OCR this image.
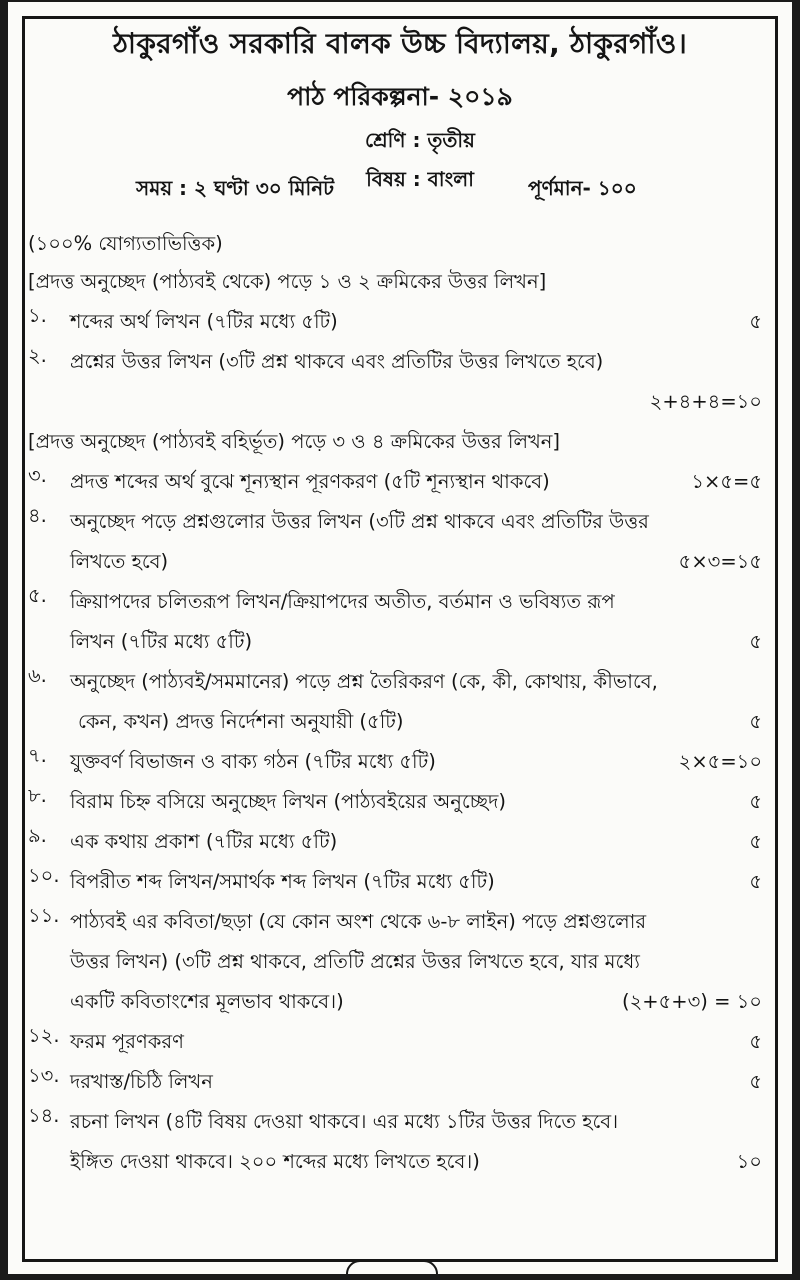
ঠাকুরগাঁও সরকারি বালক উচ্চ বিদ্যালয়, ঠাকুরগাঁও।
পাঠ পরিকল্পনা- ২০১৯
শ্রেণি : তৃতীয়
বিষয় : বাংলা
সময় : ২ ঘণ্টা ৩০ মিনিট	পূর্ণমান- ১০০
(১০০% যোগ্যতাভিত্তিক)
[প্রদত্ত অনুচ্ছেদ (পাঠ্যবই থেকে) পড়ে ১ ও ২ ক্রমিকের উত্তর লিখন]
১.	শব্দের অর্থ লিখন (৭টির মধ্যে ৫টি)	৫
২.	প্রশ্নের উত্তর লিখন (৩টি প্রশ্ন থাকবে এবং প্রতিটির উত্তর লিখতে হবে)
২+৪+৪=১০
[প্রদত্ত অনুচ্ছেদ (পাঠ্যবই বহির্ভূত) পড়ে ৩ ও ৪ ক্রমিকের উত্তর লিখন]
৩.	প্রদত্ত শব্দের অর্থ বুঝে শূন্যস্থান পূরণকরণ (৫টি শূন্যস্থান থাকবে)	১×৫=৫
৪.	অনুচ্ছেদ পড়ে প্রশ্নগুলোর উত্তর লিখন (৩টি প্রশ্ন থাকবে এবং প্রতিটির উত্তর
লিখতে হবে)	৫×৩=১৫
৫.	ক্রিয়াপদের চলিতরূপ লিখন/ক্রিয়াপদের অতীত, বর্তমান ও ভবিষ্যত রূপ
লিখন (৭টির মধ্যে ৫টি)	৫
৬.	অনুচ্ছেদ (পাঠ্যবই/সমমানের) পড়ে প্রশ্ন তৈরিকরণ (কে, কী, কোথায়, কীভাবে,
কেন, কখন) প্রদত্ত নির্দেশনা অনুযায়ী (৫টি)	৫
৭.	যুক্তবর্ণ বিভাজন ও বাক্য গঠন (৭টির মধ্যে ৫টি)	২×৫=১০
৮.	বিরাম চিহ্ন বসিয়ে অনুচ্ছেদ লিখন (পাঠ্যবইয়ের অনুচ্ছেদ)	৫
৯.	এক কথায় প্রকাশ (৭টির মধ্যে ৫টি)	৫
১০. বিপরীত শব্দ লিখন/সমার্থক শব্দ লিখন (৭টির মধ্যে ৫টি)	৫
১১. পাঠ্যবই এর কবিতা/ছড়া (যে কোন অংশ থেকে ৬-৮ লাইন) পড়ে প্রশ্নগুলোর
উত্তর লিখন) (৩টি প্রশ্ন থাকবে, প্রতিটি প্রশ্নের উত্তর লিখতে হবে, যার মধ্যে
একটি কবিতাংশের মূলভাব থাকবে।)	(২+৫+৩) = ১০
১২. ফরম পূরণকরণ	৫
১৩. দরখাস্ত/চিঠি লিখন	৫
১৪. রচনা লিখন (৪টি বিষয় দেওয়া থাকবে। এর মধ্যে ১টির উত্তর দিতে হবে।
ইঙ্গিত দেওয়া থাকবে। ২০০ শব্দের মধ্যে লিখতে হবে।)	১০
